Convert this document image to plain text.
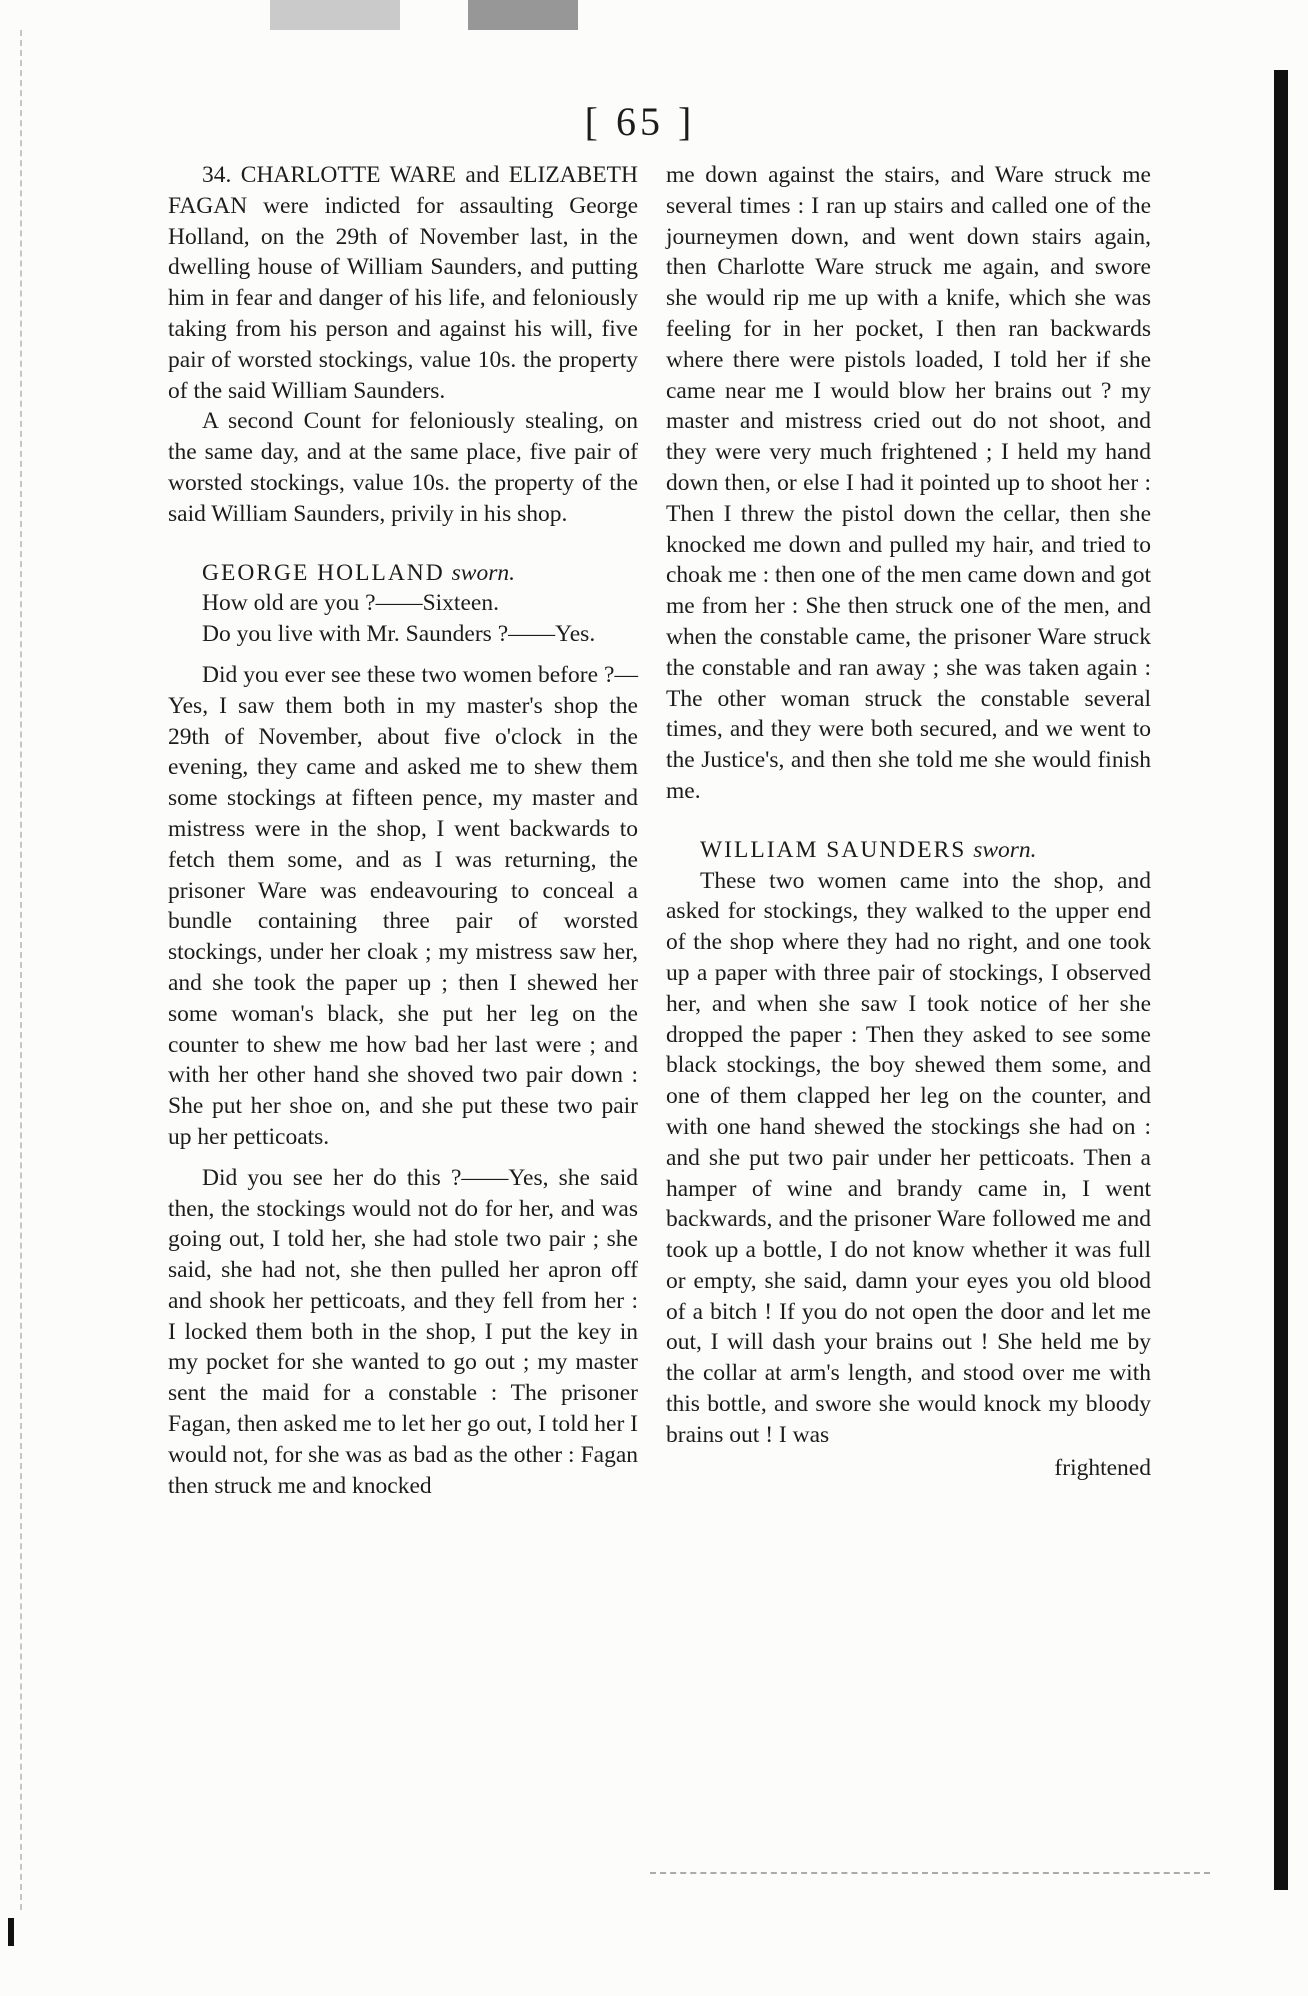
[ 65 ]

34. CHARLOTTE WARE and ELIZABETH FAGAN were indicted for assaulting George Holland, on the 29th of November last, in the dwelling house of William Saunders, and putting him in fear and danger of his life, and feloniously taking from his person and against his will, five pair of worsted stockings, value 10s. the property of the said William Saunders.

A second Count for feloniously stealing, on the same day, and at the same place, five pair of worsted stockings, value 10s. the property of the said William Saunders, privily in his shop.

GEORGE HOLLAND sworn.

How old are you ?——Sixteen.

Do you live with Mr. Saunders ?——Yes.

Did you ever see these two women before ?—Yes, I saw them both in my master's shop the 29th of November, about five o'clock in the evening, they came and asked me to shew them some stockings at fifteen pence, my master and mistress were in the shop, I went backwards to fetch them some, and as I was returning, the prisoner Ware was endeavouring to conceal a bundle containing three pair of worsted stockings, under her cloak ; my mistress saw her, and she took the paper up ; then I shewed her some woman's black, she put her leg on the counter to shew me how bad her last were ; and with her other hand she shoved two pair down : She put her shoe on, and she put these two pair up her petticoats.

Did you see her do this ?——Yes, she said then, the stockings would not do for her, and was going out, I told her, she had stole two pair ; she said, she had not, she then pulled her apron off and shook her petticoats, and they fell from her : I locked them both in the shop, I put the key in my pocket for she wanted to go out ; my master sent the maid for a constable : The prisoner Fagan, then asked me to let her go out, I told her I would not, for she was as bad as the other : Fagan then struck me and knocked

me down against the stairs, and Ware struck me several times : I ran up stairs and called one of the journeymen down, and went down stairs again, then Charlotte Ware struck me again, and swore she would rip me up with a knife, which she was feeling for in her pocket, I then ran backwards where there were pistols loaded, I told her if she came near me I would blow her brains out ? my master and mistress cried out do not shoot, and they were very much frightened ; I held my hand down then, or else I had it pointed up to shoot her : Then I threw the pistol down the cellar, then she knocked me down and pulled my hair, and tried to choak me : then one of the men came down and got me from her : She then struck one of the men, and when the constable came, the prisoner Ware struck the constable and ran away ; she was taken again : The other woman struck the constable several times, and they were both secured, and we went to the Justice's, and then she told me she would finish me.

WILLIAM SAUNDERS sworn.

These two women came into the shop, and asked for stockings, they walked to the upper end of the shop where they had no right, and one took up a paper with three pair of stockings, I observed her, and when she saw I took notice of her she dropped the paper : Then they asked to see some black stockings, the boy shewed them some, and one of them clapped her leg on the counter, and with one hand shewed the stockings she had on : and she put two pair under her petticoats. Then a hamper of wine and brandy came in, I went backwards, and the prisoner Ware followed me and took up a bottle, I do not know whether it was full or empty, she said, damn your eyes you old blood of a bitch ! If you do not open the door and let me out, I will dash your brains out ! She held me by the collar at arm's length, and stood over me with this bottle, and swore she would knock my bloody brains out ! I was

frightened
